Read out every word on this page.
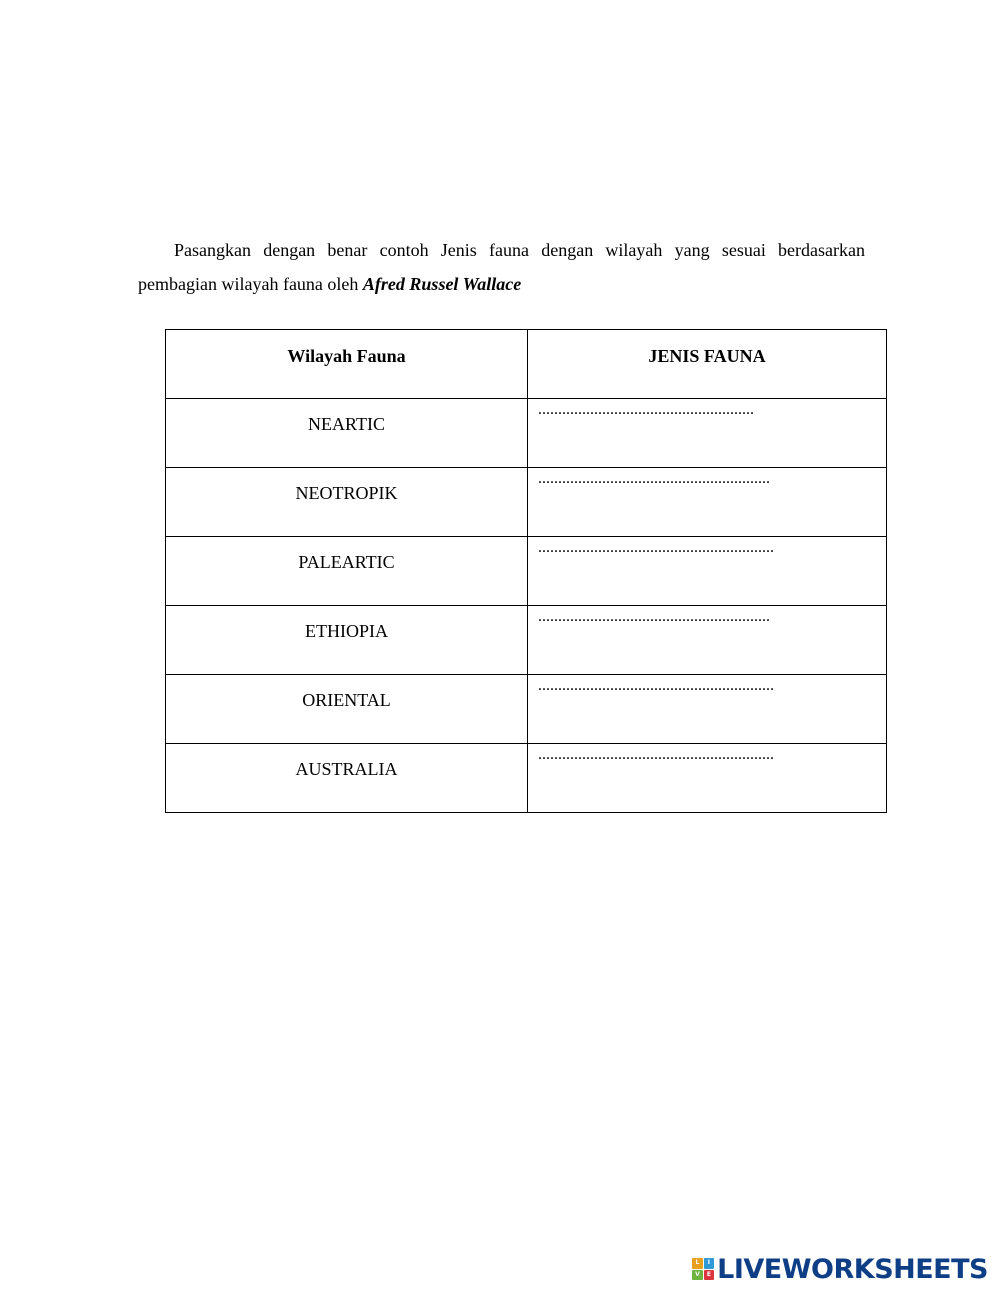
Pasangkan dengan benar contoh Jenis fauna dengan wilayah yang sesuai berdasarkan pembagian wilayah fauna oleh Afred Russel Wallace
Wilayah Fauna	JENIS FAUNA
NEARTIC	......................................................
NEOTROPIK	..........................................................
PALEARTIC	...........................................................
ETHIOPIA	..........................................................
ORIENTAL	...........................................................
AUSTRALIA	...........................................................
L	I
V	E LIVEWORKSHEETS
